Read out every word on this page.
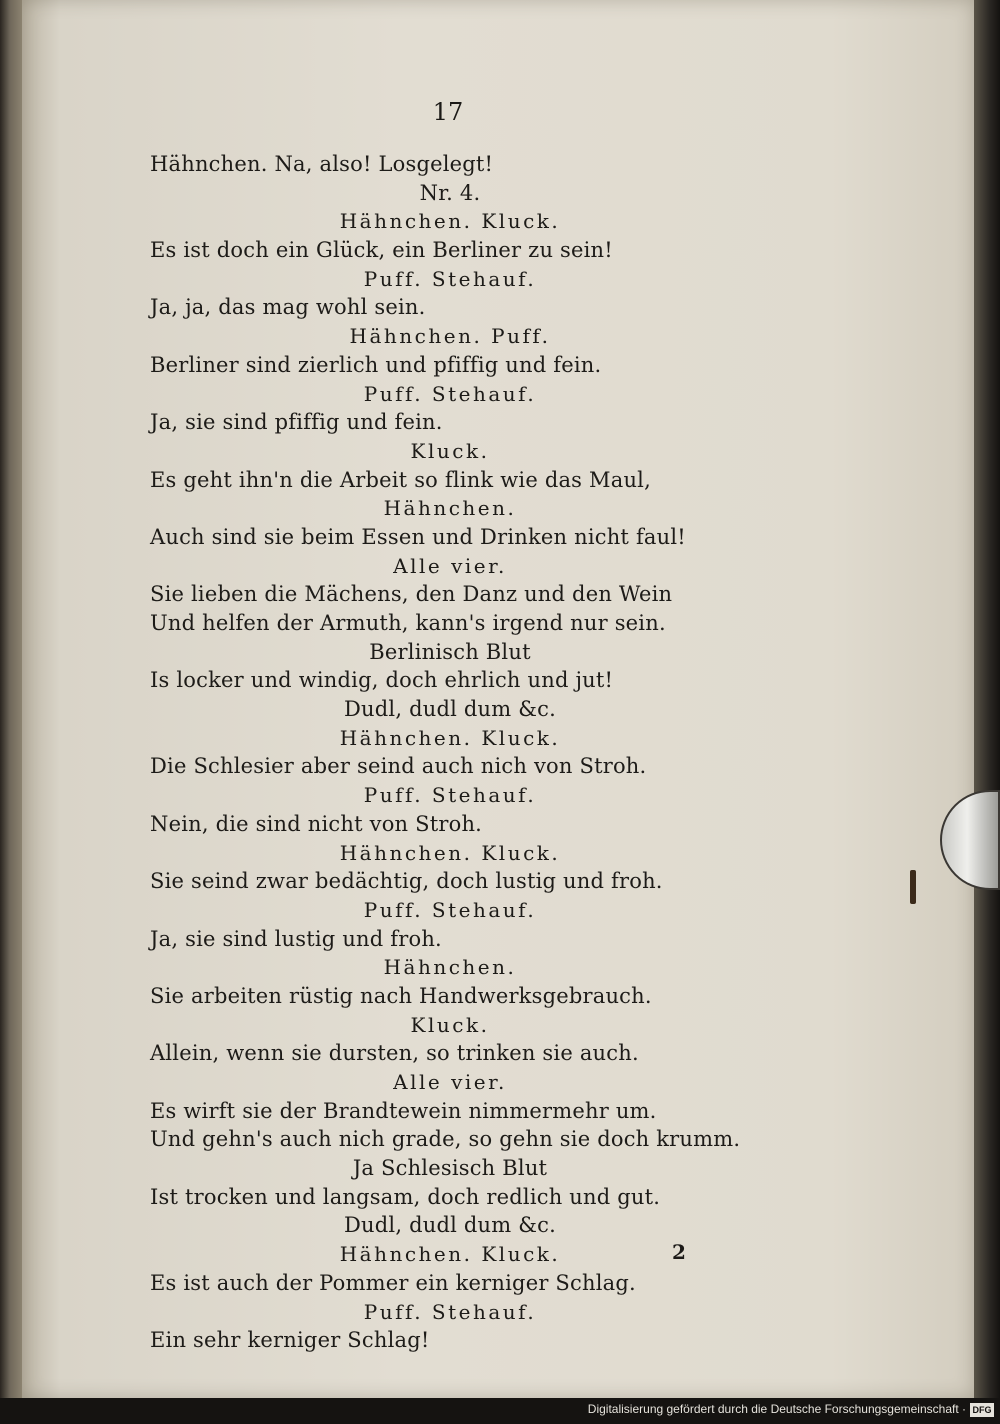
17
Hähnchen. Na, also! Losgelegt!
Nr. 4.
Hähnchen. Kluck.
Es ist doch ein Glück, ein Berliner zu sein!
Puff. Stehauf.
Ja, ja, das mag wohl sein.
Hähnchen. Puff.
Berliner sind zierlich und pfiffig und fein.
Puff. Stehauf.
Ja, sie sind pfiffig und fein.
Kluck.
Es geht ihn'n die Arbeit so flink wie das Maul,
Hähnchen.
Auch sind sie beim Essen und Drinken nicht faul!
Alle vier.
Sie lieben die Mächens, den Danz und den Wein
Und helfen der Armuth, kann's irgend nur sein.
Berlinisch Blut
Is locker und windig, doch ehrlich und jut!
Dudl, dudl dum &c.
Hähnchen. Kluck.
Die Schlesier aber seind auch nich von Stroh.
Puff. Stehauf.
Nein, die sind nicht von Stroh.
Hähnchen. Kluck.
Sie seind zwar bedächtig, doch lustig und froh.
Puff. Stehauf.
Ja, sie sind lustig und froh.
Hähnchen.
Sie arbeiten rüstig nach Handwerksgebrauch.
Kluck.
Allein, wenn sie dursten, so trinken sie auch.
Alle vier.
Es wirft sie der Brandtewein nimmermehr um.
Und gehn's auch nich grade, so gehn sie doch krumm.
Ja Schlesisch Blut
Ist trocken und langsam, doch redlich und gut.
Dudl, dudl dum &c.
Hähnchen. Kluck.
Es ist auch der Pommer ein kerniger Schlag.
Puff. Stehauf.
Ein sehr kerniger Schlag!
2
Digitalisierung gefördert durch die Deutsche Forschungsgemeinschaft · DFG
